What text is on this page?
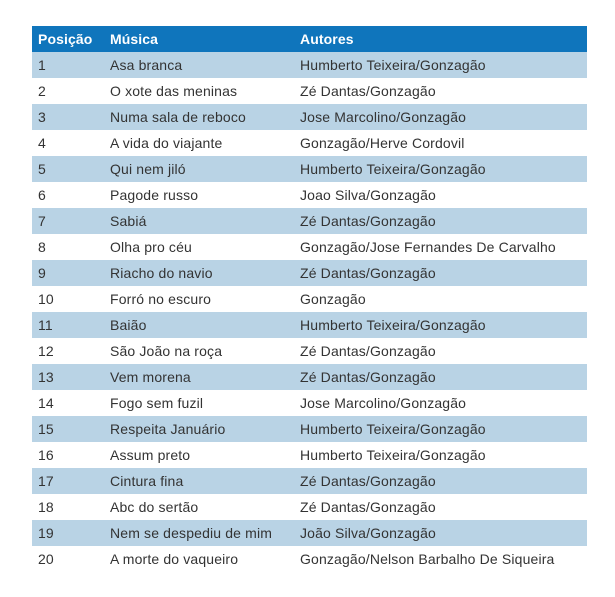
Posição	Música	Autores
1	Asa branca	Humberto Teixeira/Gonzagão
2	O xote das meninas	Zé Dantas/Gonzagão
3	Numa sala de reboco	Jose Marcolino/Gonzagão
4	A vida do viajante	Gonzagão/Herve Cordovil
5	Qui nem jiló	Humberto Teixeira/Gonzagão
6	Pagode russo	Joao Silva/Gonzagão
7	Sabiá	Zé Dantas/Gonzagão
8	Olha pro céu	Gonzagão/Jose Fernandes De Carvalho
9	Riacho do navio	Zé Dantas/Gonzagão
10	Forró no escuro	Gonzagão
11	Baião	Humberto Teixeira/Gonzagão
12	São João na roça	Zé Dantas/Gonzagão
13	Vem morena	Zé Dantas/Gonzagão
14	Fogo sem fuzil	Jose Marcolino/Gonzagão
15	Respeita Januário	Humberto Teixeira/Gonzagão
16	Assum preto	Humberto Teixeira/Gonzagão
17	Cintura fina	Zé Dantas/Gonzagão
18	Abc do sertão	Zé Dantas/Gonzagão
19	Nem se despediu de mim	João Silva/Gonzagão
20	A morte do vaqueiro	Gonzagão/Nelson Barbalho De Siqueira
